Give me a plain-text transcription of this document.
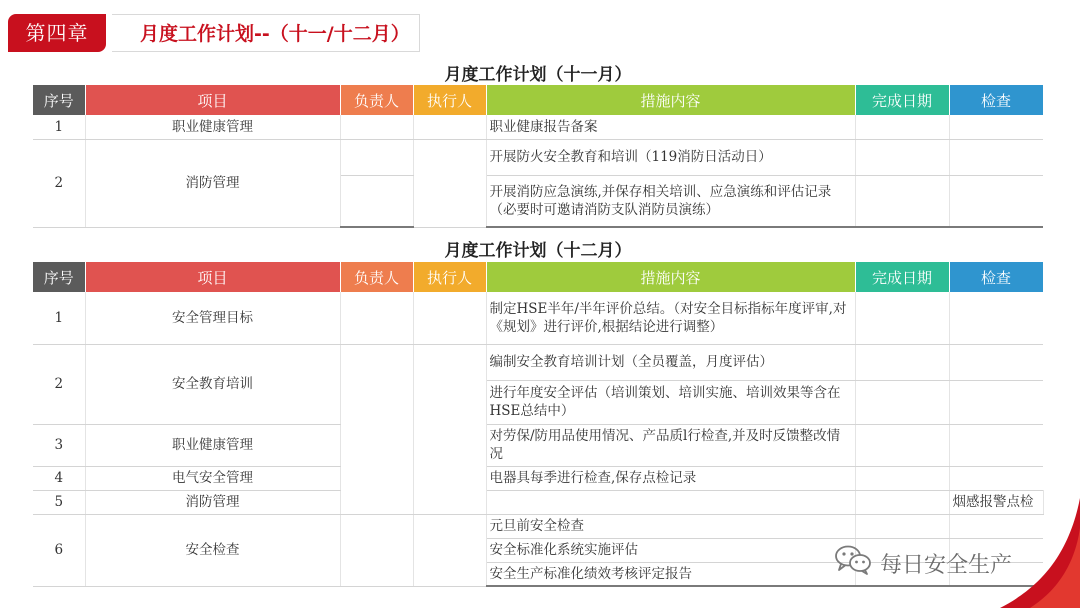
第四章	月度工作计划--（十一/十二月）
月度工作计划（十一月）
序号	项目	负责人	执行人	措施内容	完成日期	检查
1	职业健康管理			职业健康报告备案		
2	消防管理			开展防火安全教育和培训（119消防日活动日）		
				开展消防应急演练,并保存相关培训、应急演练和评估记录（必要时可邀请消防支队消防员演练）		
月度工作计划（十二月）
序号	项目	负责人	执行人	措施内容	完成日期	检查	
1	安全管理目标			制定HSE半年/半年评价总结。（对安全目标指标年度评审,对《规划》进行评价,根据结论进行调整）			
2	安全教育培训			编制安全教育培训计划（全员覆盖，月度评估）			
				进行年度安全评估（培训策划、培训实施、培训效果等含在HSE总结中）			
3	职业健康管理			对劳保/防用品使用情况、产品质l行检查,并及时反馈整改情况			
4	电气安全管理			电器具每季进行检查,保存点检记录			
5	消防管理					烟感报警点检		
6	安全检查			元旦前安全检查			
				安全标准化系统实施评估			
				安全生产标准化绩效考核评定报告				每日安全生产
